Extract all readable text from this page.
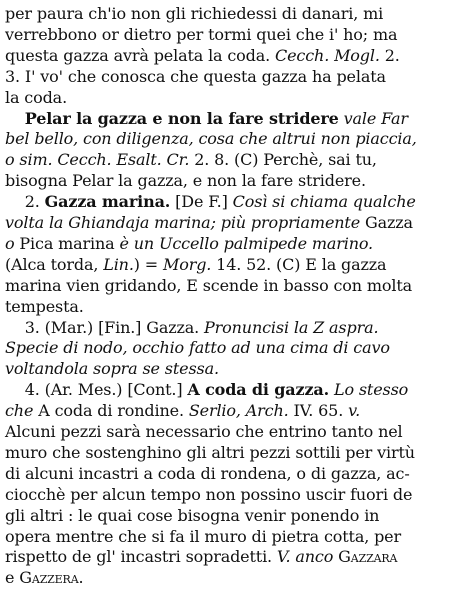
per paura ch'io non gli richiedessi di danari, mi
verrebbono or dietro per tormi quei che i' ho; ma
questa gazza avrà pelata la coda. Cecch. Mogl. 2.
3. I' vo' che conosca che questa gazza ha pelata
la coda.
Pelar la gazza e non la fare stridere vale Far
bel bello, con diligenza, cosa che altrui non piaccia,
o sim. Cecch. Esalt. Cr. 2. 8. (C) Perchè, sai tu,
bisogna Pelar la gazza, e non la fare stridere.
2. Gazza marina. [De F.] Così si chiama qualche
volta la Ghiandaja marina; più propriamente Gazza
o Pica marina è un Uccello palmipede marino.
(Alca torda, Lin.) = Morg. 14. 52. (C) E la gazza
marina vien gridando, E scende in basso con molta
tempesta.
3. (Mar.) [Fin.] Gazza. Pronuncisi la Z aspra.
Specie di nodo, occhio fatto ad una cima di cavo
voltandola sopra se stessa.
4. (Ar. Mes.) [Cont.] A coda di gazza. Lo stesso
che A coda di rondine. Serlio, Arch. IV. 65. v.
Alcuni pezzi sarà necessario che entrino tanto nel
muro che sostenghino gli altri pezzi sottili per virtù
di alcuni incastri a coda di rondena, o di gazza, ac-
ciocchè per alcun tempo non possino uscir fuori de
gli altri : le quai cose bisogna venir ponendo in
opera mentre che si fa il muro di pietra cotta, per
rispetto de gl' incastri sopradetti. V. anco Gazzara
e Gazzera.
